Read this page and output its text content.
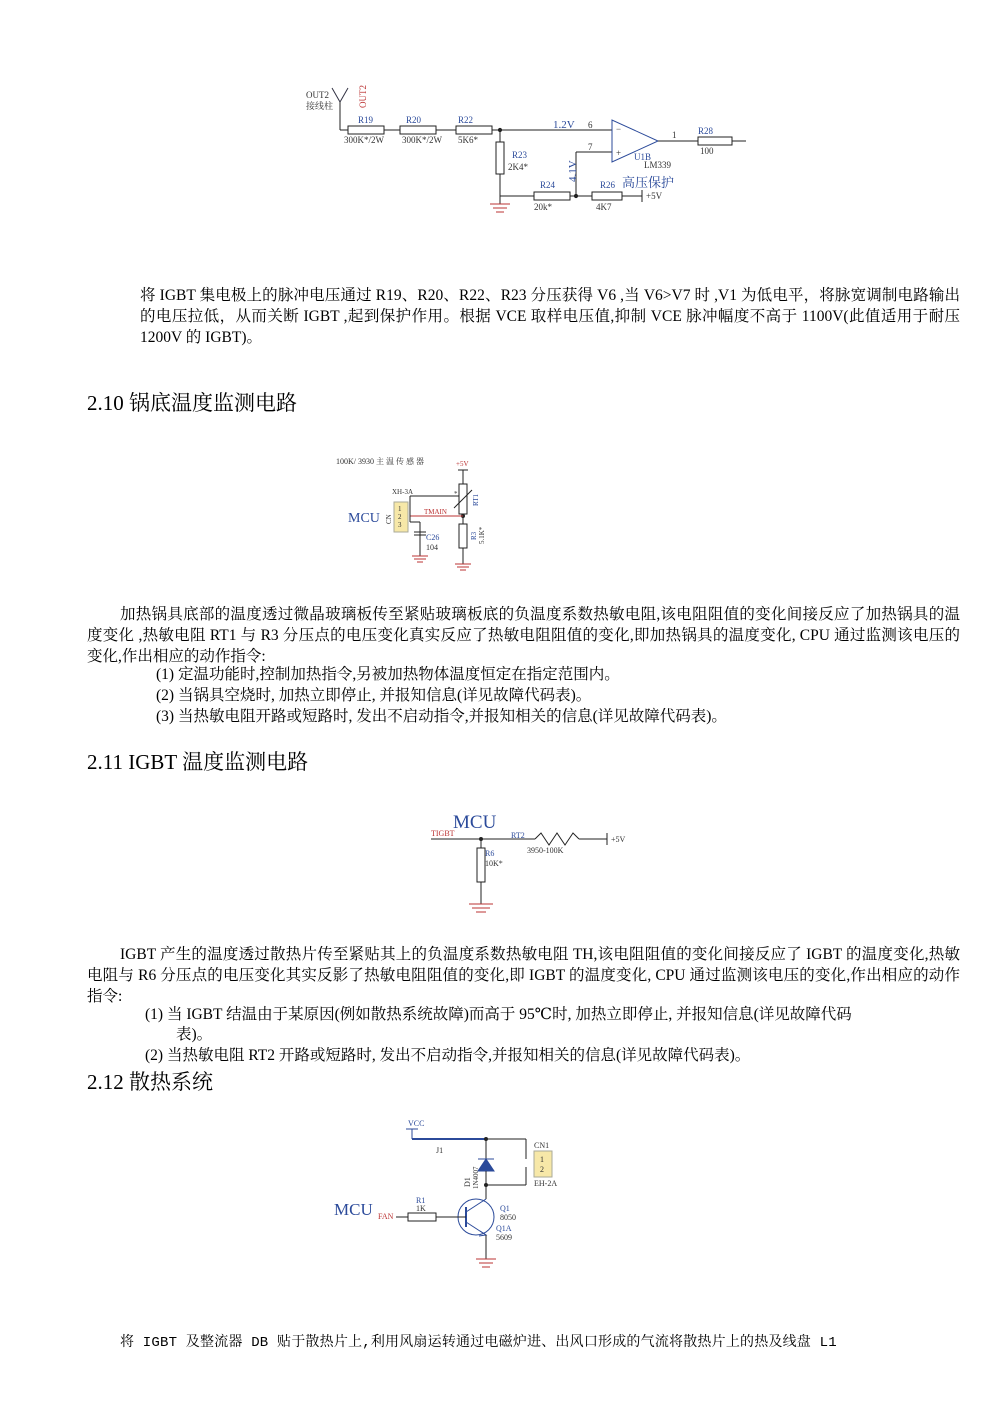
OUT2
接线柱	OUT2
R19
300K*/2W
R20
300K*/2W
R22
5K6*
R23
2K4*
R24
20k*
R26
4K7
R28
100
1.2V
4.1V
6
7
1
−
+ U1B
LM339
高压保护
+5V
将 IGBT 集电极上的脉冲电压通过 R19、R20、R22、R23 分压获得 V6 ,当 V6>V7 时 ,V1 为低电平，将脉宽调制电路输出的电压拉低，从而关断 IGBT ,起到保护作用。根据 VCE 取样电压值,抑制 VCE 脉冲幅度不高于 1100V(此值适用于耐压 1200V 的 IGBT)。
2.10 锅底温度监测电路
100K/ 3930 主 温 传 感 器	+5V
XH-3A
CN
1
2
3
MCU	TMAIN
RT1
*
R3 5.1K*
C26
104
加热锅具底部的温度透过微晶玻璃板传至紧贴玻璃板底的负温度系数热敏电阻,该电阻阻值的变化间接反应了加热锅具的温度变化 ,热敏电阻 RT1 与 R3 分压点的电压变化真实反应了热敏电阻阻值的变化,即加热锅具的温度变化, CPU 通过监测该电压的变化,作出相应的动作指令:
(1) 定温功能时,控制加热指令,另被加热物体温度恒定在指定范围内。
(2) 当锅具空烧时, 加热立即停止, 并报知信息(详见故障代码表)。
(3) 当热敏电阻开路或短路时, 发出不启动指令,并报知相关的信息(详见故障代码表)。
2.11 IGBT 温度监测电路
MCU
TIGBT	RT2
3950-100K
+5V
R6
10K*
IGBT 产生的温度透过散热片传至紧贴其上的负温度系数热敏电阻 TH,该电阻阻值的变化间接反应了 IGBT 的温度变化,热敏电阻与 R6 分压点的电压变化其实反影了热敏电阻阻值的变化,即 IGBT 的温度变化, CPU 通过监测该电压的变化,作出相应的动作指令:
(1) 当 IGBT 结温由于某原因(例如散热系统故障)而高于 95℃时, 加热立即停止, 并报知信息(详见故障代码
表)。
(2) 当热敏电阻 RT2 开路或短路时, 发出不启动指令,并报知相关的信息(详见故障代码表)。
2.12 散热系统
VCC
J1
CN1
1
2
EH-2A
D1 1N4007
R1
1K
MCU FAN
Q1
8050
Q1A
5609
将 IGBT 及整流器 DB 贴于散热片上,利用风扇运转通过电磁炉进、出风口形成的气流将散热片上的热及线盘 L1
